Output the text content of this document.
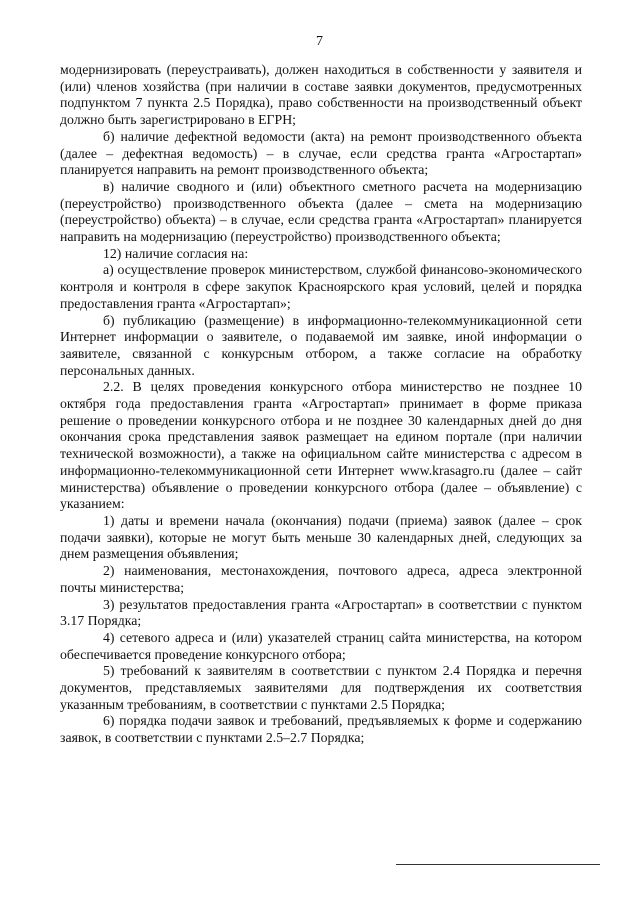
7

модернизировать (переустраивать), должен находиться в собственности у заявителя и (или) членов хозяйства (при наличии в составе заявки документов, предусмотренных подпунктом 7 пункта 2.5 Порядка), право собственности на производственный объект должно быть зарегистрировано в ЕГРН;

б) наличие дефектной ведомости (акта) на ремонт производственного объекта (далее – дефектная ведомость) – в случае, если средства гранта «Агростартап» планируется направить на ремонт производственного объекта;

в) наличие сводного и (или) объектного сметного расчета на модернизацию (переустройство) производственного объекта (далее – смета на модернизацию (переустройство) объекта) – в случае, если средства гранта «Агростартап» планируется направить на модернизацию (переустройство) производственного объекта;

12) наличие согласия на:

а) осуществление проверок министерством, службой финансово-экономического контроля и контроля в сфере закупок Красноярского края условий, целей и порядка предоставления гранта «Агростартап»;

б) публикацию (размещение) в информационно-телекоммуникационной сети Интернет информации о заявителе, о подаваемой им заявке, иной информации о заявителе, связанной с конкурсным отбором, а также согласие на обработку персональных данных.

2.2. В целях проведения конкурсного отбора министерство не позднее 10 октября года предоставления гранта «Агростартап» принимает в форме приказа решение о проведении конкурсного отбора и не позднее 30 календарных дней до дня окончания срока представления заявок размещает на едином портале (при наличии технической возможности), а также на официальном сайте министерства с адресом в информационно-телекоммуникационной сети Интернет www.krasagro.ru (далее – сайт министерства) объявление о проведении конкурсного отбора (далее – объявление) с указанием:

1) даты и времени начала (окончания) подачи (приема) заявок (далее – срок подачи заявки), которые не могут быть меньше 30 календарных дней, следующих за днем размещения объявления;

2) наименования, местонахождения, почтового адреса, адреса электронной почты министерства;

3) результатов предоставления гранта «Агростартап» в соответствии с пунктом 3.17 Порядка;

4) сетевого адреса и (или) указателей страниц сайта министерства, на котором обеспечивается проведение конкурсного отбора;

5) требований к заявителям в соответствии с пунктом 2.4 Порядка и перечня документов, представляемых заявителями для подтверждения их соответствия указанным требованиям, в соответствии с пунктами 2.5 Порядка;

6) порядка подачи заявок и требований, предъявляемых к форме и содержанию заявок, в соответствии с пунктами 2.5–2.7 Порядка;
